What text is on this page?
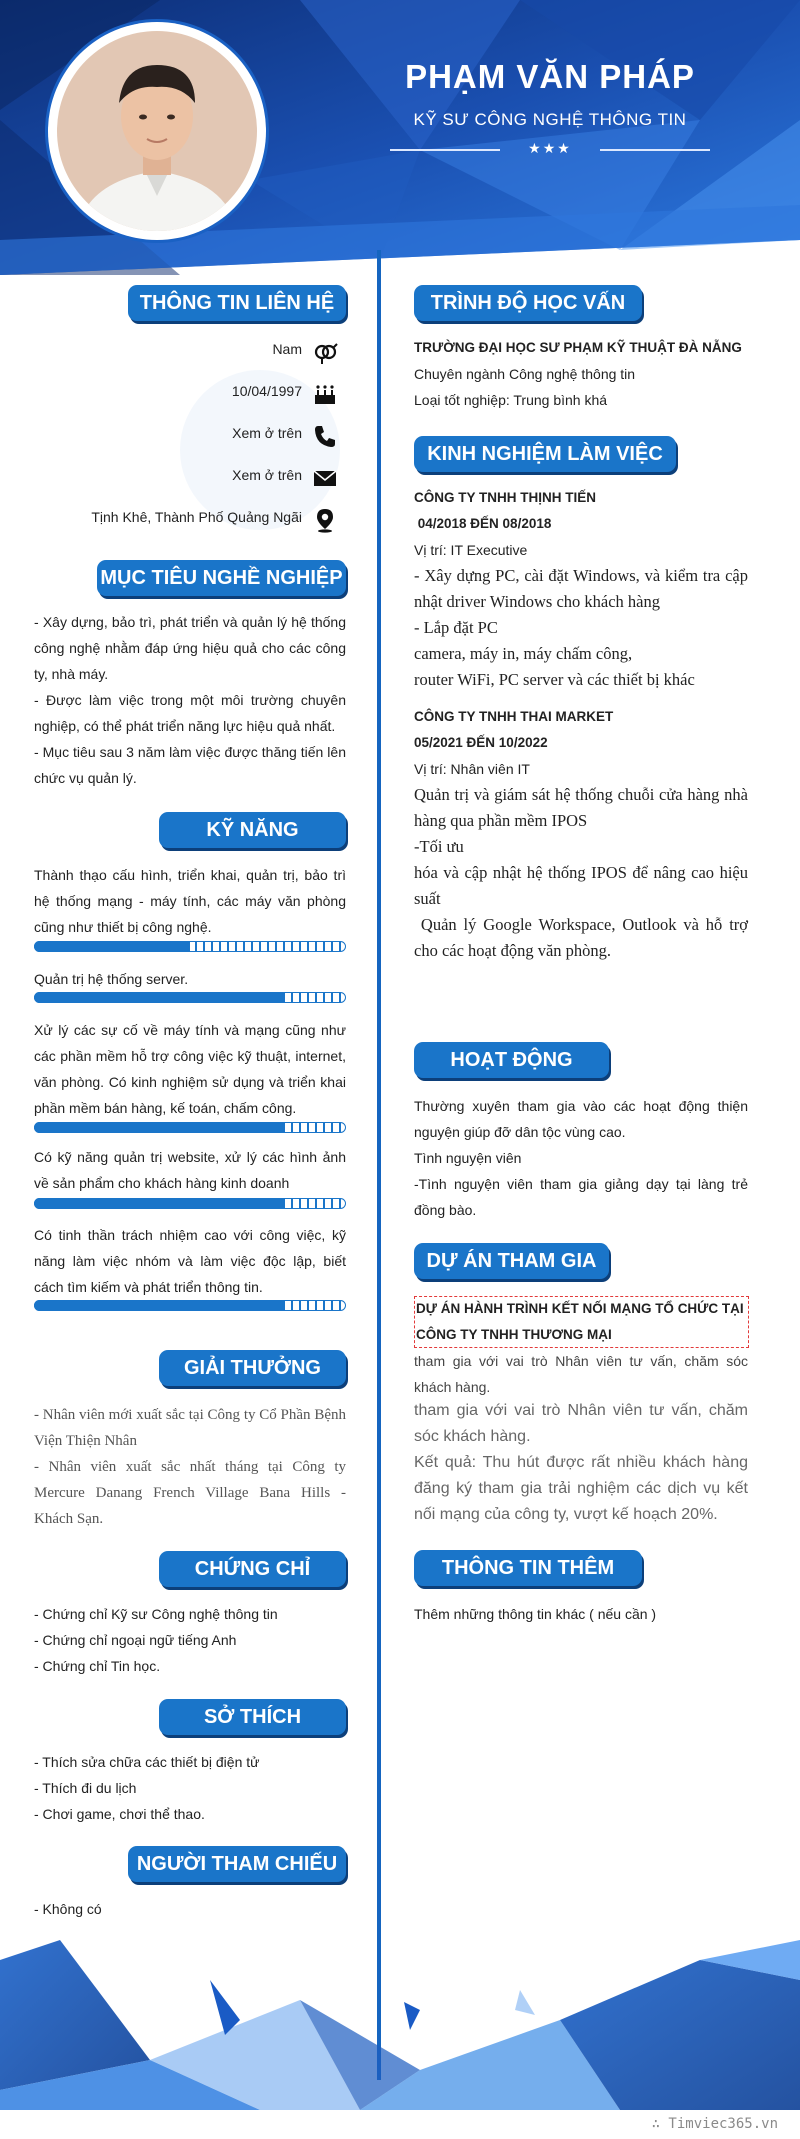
PHẠM VĂN PHÁP
KỸ SƯ CÔNG NGHỆ THÔNG TIN
★★★
THÔNG TIN LIÊN HỆ
Nam
10/04/1997
Xem ở trên
Xem ở trên
Tịnh Khê, Thành Phố Quảng Ngãi
MỤC TIÊU NGHỀ NGHIỆP
- Xây dựng, bảo trì, phát triển và quản lý hệ thống công nghệ nhằm đáp ứng hiệu quả cho các công ty, nhà máy.
- Được làm việc trong một môi trường chuyên nghiệp, có thể phát triển năng lực hiệu quả nhất.
- Mục tiêu sau 3 năm làm việc được thăng tiến lên chức vụ quản lý.
KỸ NĂNG
Thành thạo cấu hình, triển khai, quản trị, bảo trì hệ thống mạng - máy tính, các máy văn phòng cũng như thiết bị công nghệ.
Quản trị hệ thống server.
Xử lý các sự cố về máy tính và mạng cũng như các phần mềm hỗ trợ công việc kỹ thuật, internet, văn phòng. Có kinh nghiệm sử dụng và triển khai phần mềm bán hàng, kế toán, chấm công.
Có kỹ năng quản trị website, xử lý các hình ảnh về sản phẩm cho khách hàng kinh doanh
Có tinh thần trách nhiệm cao với công việc, kỹ năng làm việc nhóm và làm việc độc lập, biết cách tìm kiếm và phát triển thông tin.
GIẢI THƯỞNG
- Nhân viên mới xuất sắc tại Công ty Cổ Phần Bệnh Viện Thiện Nhân
- Nhân viên xuất sắc nhất tháng tại Công ty Mercure Danang French Village Bana Hills - Khách Sạn.
CHỨNG CHỈ
- Chứng chỉ Kỹ sư Công nghệ thông tin
- Chứng chỉ ngoại ngữ tiếng Anh
- Chứng chỉ Tin học.
SỞ THÍCH
- Thích sửa chữa các thiết bị điện tử
- Thích đi du lịch
- Chơi game, chơi thể thao.
NGƯỜI THAM CHIẾU
- Không có
TRÌNH ĐỘ HỌC VẤN
TRƯỜNG ĐẠI HỌC SƯ PHẠM KỸ THUẬT ĐÀ NẴNG
Chuyên ngành Công nghệ thông tin
Loại tốt nghiệp: Trung bình khá
KINH NGHIỆM LÀM VIỆC
CÔNG TY TNHH THỊNH TIẾN
04/2018 ĐẾN 08/2018
Vị trí: IT Executive
- Xây dựng PC, cài đặt Windows, và kiểm tra cập nhật driver Windows cho khách hàng
- Lắp đặt PC
camera, máy in, máy chấm công,
router WiFi, PC server và các thiết bị khác
CÔNG TY TNHH THAI MARKET
05/2021 ĐẾN 10/2022
Vị trí: Nhân viên IT
Quản trị và giám sát hệ thống chuỗi cửa hàng nhà hàng qua phần mềm IPOS
-Tối ưu
hóa và cập nhật hệ thống IPOS để nâng cao hiệu suất
Quản lý Google Workspace, Outlook và hỗ trợ cho các hoạt động văn phòng.
HOẠT ĐỘNG
Thường xuyên tham gia vào các hoạt động thiện nguyện giúp đỡ dân tộc vùng cao.
Tình nguyện viên
-Tình nguyện viên tham gia giảng dạy tại làng trẻ đồng bào.
DỰ ÁN THAM GIA
DỰ ÁN HÀNH TRÌNH KẾT NỐI MẠNG TỔ CHỨC TẠI CÔNG TY TNHH THƯƠNG MẠI
tham gia với vai trò Nhân viên tư vấn, chăm sóc khách hàng.
tham gia với vai trò Nhân viên tư vấn, chăm sóc khách hàng.
Kết quả: Thu hút được rất nhiều khách hàng đăng ký tham gia trải nghiệm các dịch vụ kết nối mạng của công ty, vượt kế hoạch 20%.
THÔNG TIN THÊM
Thêm những thông tin khác ( nếu cần )
∴ Timviec365.vn
